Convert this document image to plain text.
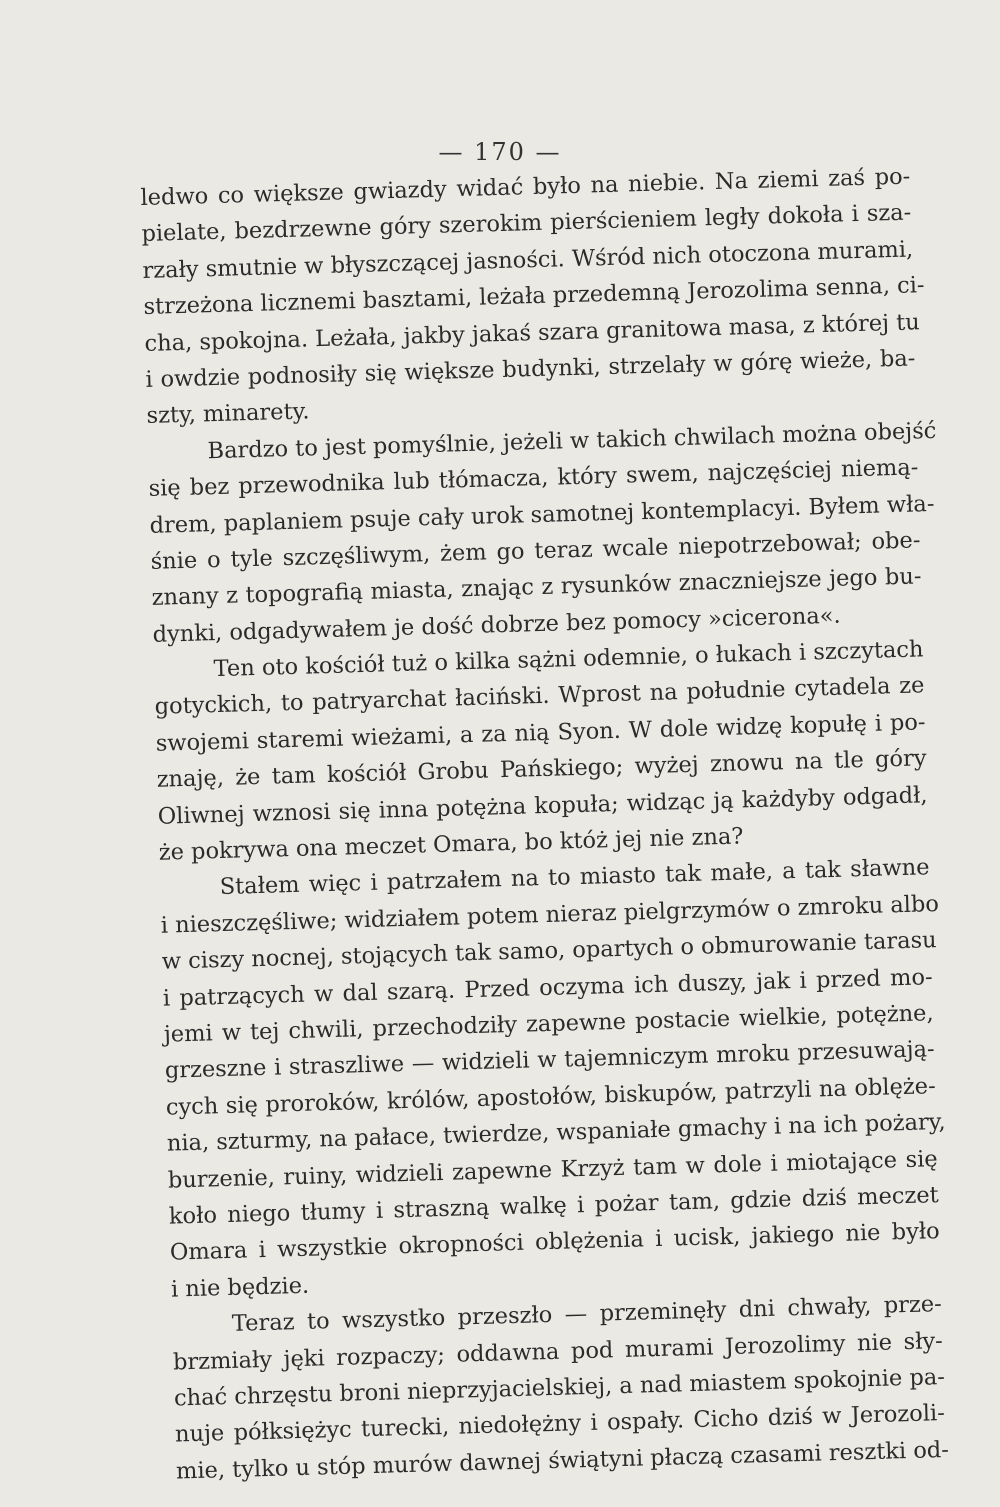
— 170 —
ledwo co większe gwiazdy widać było na niebie. Na ziemi zaś po-
pielate, bezdrzewne góry szerokim pierścieniem legły dokoła i sza-
rzały smutnie w błyszczącej jasności. Wśród nich otoczona murami,
strzeżona licznemi basztami, leżała przedemną Jerozolima senna, ci-
cha, spokojna. Leżała, jakby jakaś szara granitowa masa, z której tu
i owdzie podnosiły się większe budynki, strzelały w górę wieże, ba-
szty, minarety.
Bardzo to jest pomyślnie, jeżeli w takich chwilach można obejść
się bez przewodnika lub tłómacza, który swem, najczęściej niemą-
drem, paplaniem psuje cały urok samotnej kontemplacyi. Byłem wła-
śnie o tyle szczęśliwym, żem go teraz wcale niepotrzebował; obe-
znany z topografią miasta, znając z rysunków znaczniejsze jego bu-
dynki, odgadywałem je dość dobrze bez pomocy »cicerona«.
Ten oto kościół tuż o kilka sążni odemnie, o łukach i szczytach
gotyckich, to patryarchat łaciński. Wprost na południe cytadela ze
swojemi staremi wieżami, a za nią Syon. W dole widzę kopułę i po-
znaję, że tam kościół Grobu Pańskiego; wyżej znowu na tle góry
Oliwnej wznosi się inna potężna kopuła; widząc ją każdyby odgadł,
że pokrywa ona meczet Omara, bo któż jej nie zna?
Stałem więc i patrzałem na to miasto tak małe, a tak sławne
i nieszczęśliwe; widziałem potem nieraz pielgrzymów o zmroku albo
w ciszy nocnej, stojących tak samo, opartych o obmurowanie tarasu
i patrzących w dal szarą. Przed oczyma ich duszy, jak i przed mo-
jemi w tej chwili, przechodziły zapewne postacie wielkie, potężne,
grzeszne i straszliwe — widzieli w tajemniczym mroku przesuwają-
cych się proroków, królów, apostołów, biskupów, patrzyli na oblęże-
nia, szturmy, na pałace, twierdze, wspaniałe gmachy i na ich pożary,
burzenie, ruiny, widzieli zapewne Krzyż tam w dole i miotające się
koło niego tłumy i straszną walkę i pożar tam, gdzie dziś meczet
Omara i wszystkie okropności oblężenia i ucisk, jakiego nie było
i nie będzie.
Teraz to wszystko przeszło — przeminęły dni chwały, prze-
brzmiały jęki rozpaczy; oddawna pod murami Jerozolimy nie sły-
chać chrzęstu broni nieprzyjacielskiej, a nad miastem spokojnie pa-
nuje półksiężyc turecki, niedołężny i ospały. Cicho dziś w Jerozoli-
mie, tylko u stóp murów dawnej świątyni płaczą czasami resztki od-
